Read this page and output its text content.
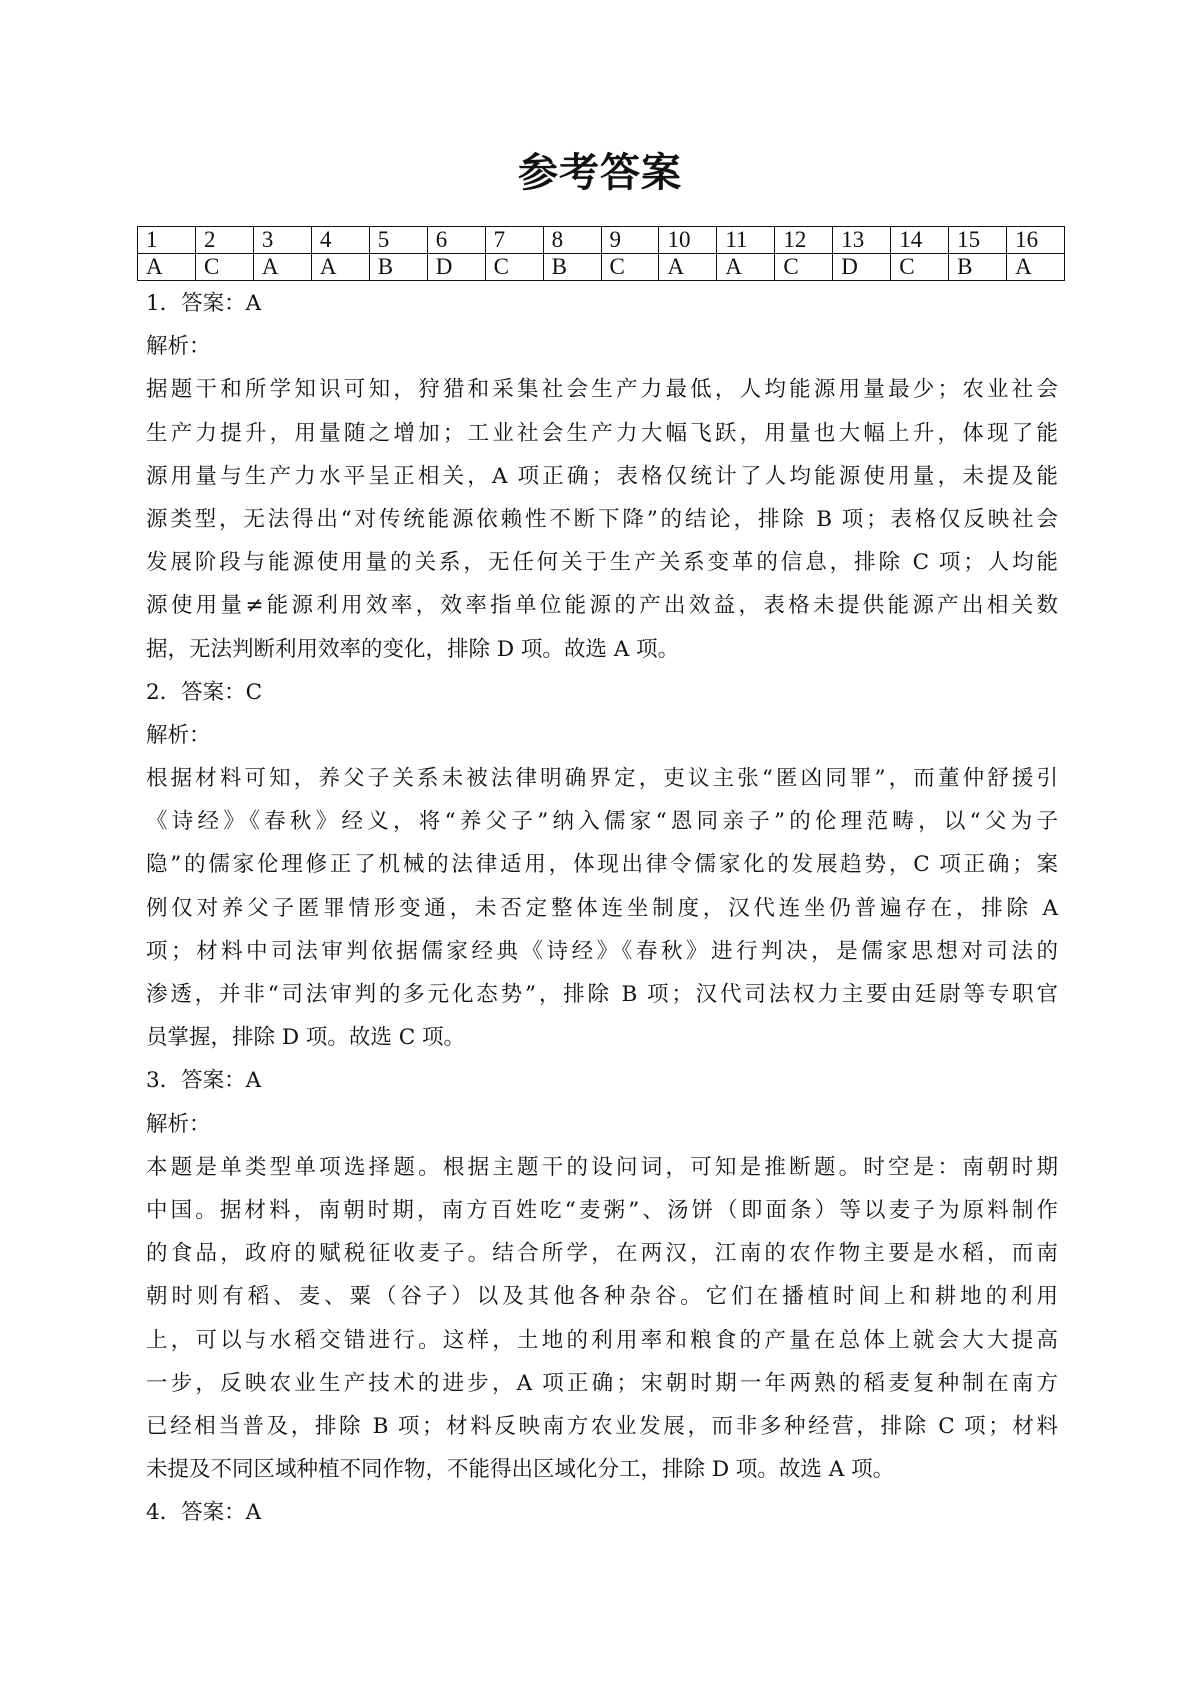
参考答案
1	2	3	4	5	6	7	8	9	10	11	12	13	14	15	16
A	C	A	A	B	D	C	B	C	A	A	C	D	C	B	A
1．答案：A
解析：
据题干和所学知识可知，狩猎和采集社会生产力最低，人均能源用量最少；农业社会
生产力提升，用量随之增加；工业社会生产力大幅飞跃，用量也大幅上升，体现了能
源用量与生产力水平呈正相关，A 项正确；表格仅统计了人均能源使用量，未提及能
源类型，无法得出“对传统能源依赖性不断下降”的结论，排除 B 项；表格仅反映社会
发展阶段与能源使用量的关系，无任何关于生产关系变革的信息，排除 C 项；人均能
源使用量≠能源利用效率，效率指单位能源的产出效益，表格未提供能源产出相关数
据，无法判断利用效率的变化，排除 D 项。故选 A 项。
2．答案：C
解析：
根据材料可知，养父子关系未被法律明确界定，吏议主张“匿凶同罪”，而董仲舒援引
《诗经》《春秋》经义，将“养父子”纳入儒家“恩同亲子”的伦理范畴，以“父为子
隐”的儒家伦理修正了机械的法律适用，体现出律令儒家化的发展趋势，C 项正确；案
例仅对养父子匿罪情形变通，未否定整体连坐制度，汉代连坐仍普遍存在，排除 A
项；材料中司法审判依据儒家经典《诗经》《春秋》进行判决，是儒家思想对司法的
渗透，并非“司法审判的多元化态势”，排除 B 项；汉代司法权力主要由廷尉等专职官
员掌握，排除 D 项。故选 C 项。
3．答案：A
解析：
本题是单类型单项选择题。根据主题干的设问词，可知是推断题。时空是：南朝时期
中国。据材料，南朝时期，南方百姓吃“麦粥”、汤饼（即面条）等以麦子为原料制作
的食品，政府的赋税征收麦子。结合所学，在两汉，江南的农作物主要是水稻，而南
朝时则有稻、麦、粟（谷子）以及其他各种杂谷。它们在播植时间上和耕地的利用
上，可以与水稻交错进行。这样，土地的利用率和粮食的产量在总体上就会大大提高
一步，反映农业生产技术的进步，A 项正确；宋朝时期一年两熟的稻麦复种制在南方
已经相当普及，排除 B 项；材料反映南方农业发展，而非多种经营，排除 C 项；材料
未提及不同区域种植不同作物，不能得出区域化分工，排除 D 项。故选 A 项。
4．答案：A
